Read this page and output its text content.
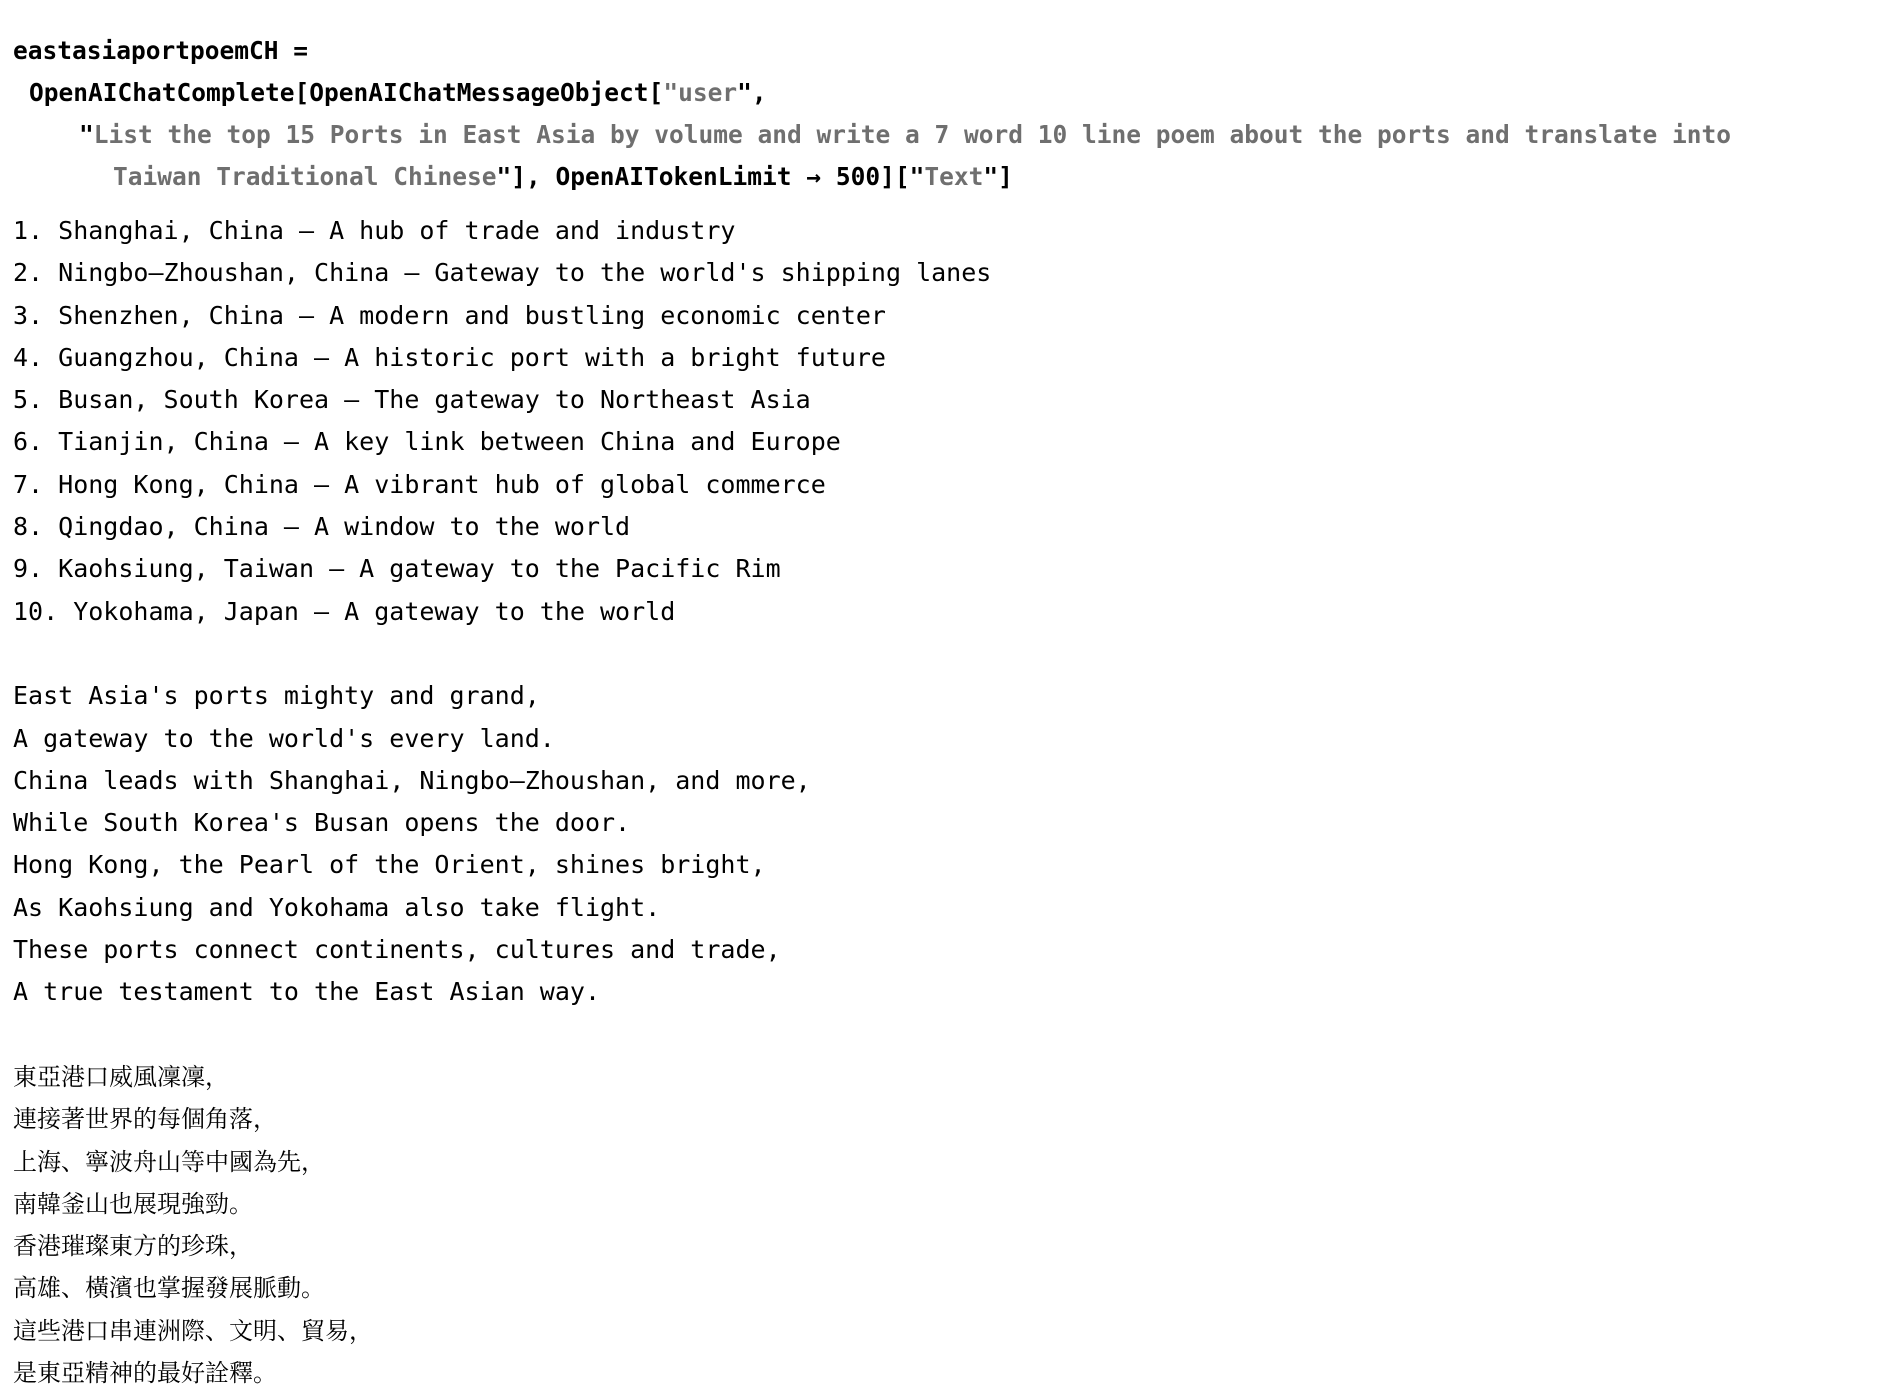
eastasiaportpoemCH =
OpenAIChatComplete[OpenAIChatMessageObject["user",
"List the top 15 Ports in East Asia by volume and write a 7 word 10 line poem about the ports and translate into
Taiwan Traditional Chinese"], OpenAITokenLimit → 500]["Text"]
1. Shanghai, China – A hub of trade and industry
2. Ningbo–Zhoushan, China – Gateway to the world's shipping lanes
3. Shenzhen, China – A modern and bustling economic center
4. Guangzhou, China – A historic port with a bright future
5. Busan, South Korea – The gateway to Northeast Asia
6. Tianjin, China – A key link between China and Europe
7. Hong Kong, China – A vibrant hub of global commerce
8. Qingdao, China – A window to the world
9. Kaohsiung, Taiwan – A gateway to the Pacific Rim
10. Yokohama, Japan – A gateway to the world
East Asia's ports mighty and grand,
A gateway to the world's every land.
China leads with Shanghai, Ningbo–Zhoushan, and more,
While South Korea's Busan opens the door.
Hong Kong, the Pearl of the Orient, shines bright,
As Kaohsiung and Yokohama also take flight.
These ports connect continents, cultures and trade,
A true testament to the East Asian way.
東亞港口威風凜凜，
連接著世界的每個角落，
上海、寧波舟山等中國為先，
南韓釜山也展現強勁。
香港璀璨東方的珍珠，
高雄、橫濱也掌握發展脈動。
這些港口串連洲際、文明、貿易，
是東亞精神的最好詮釋。
